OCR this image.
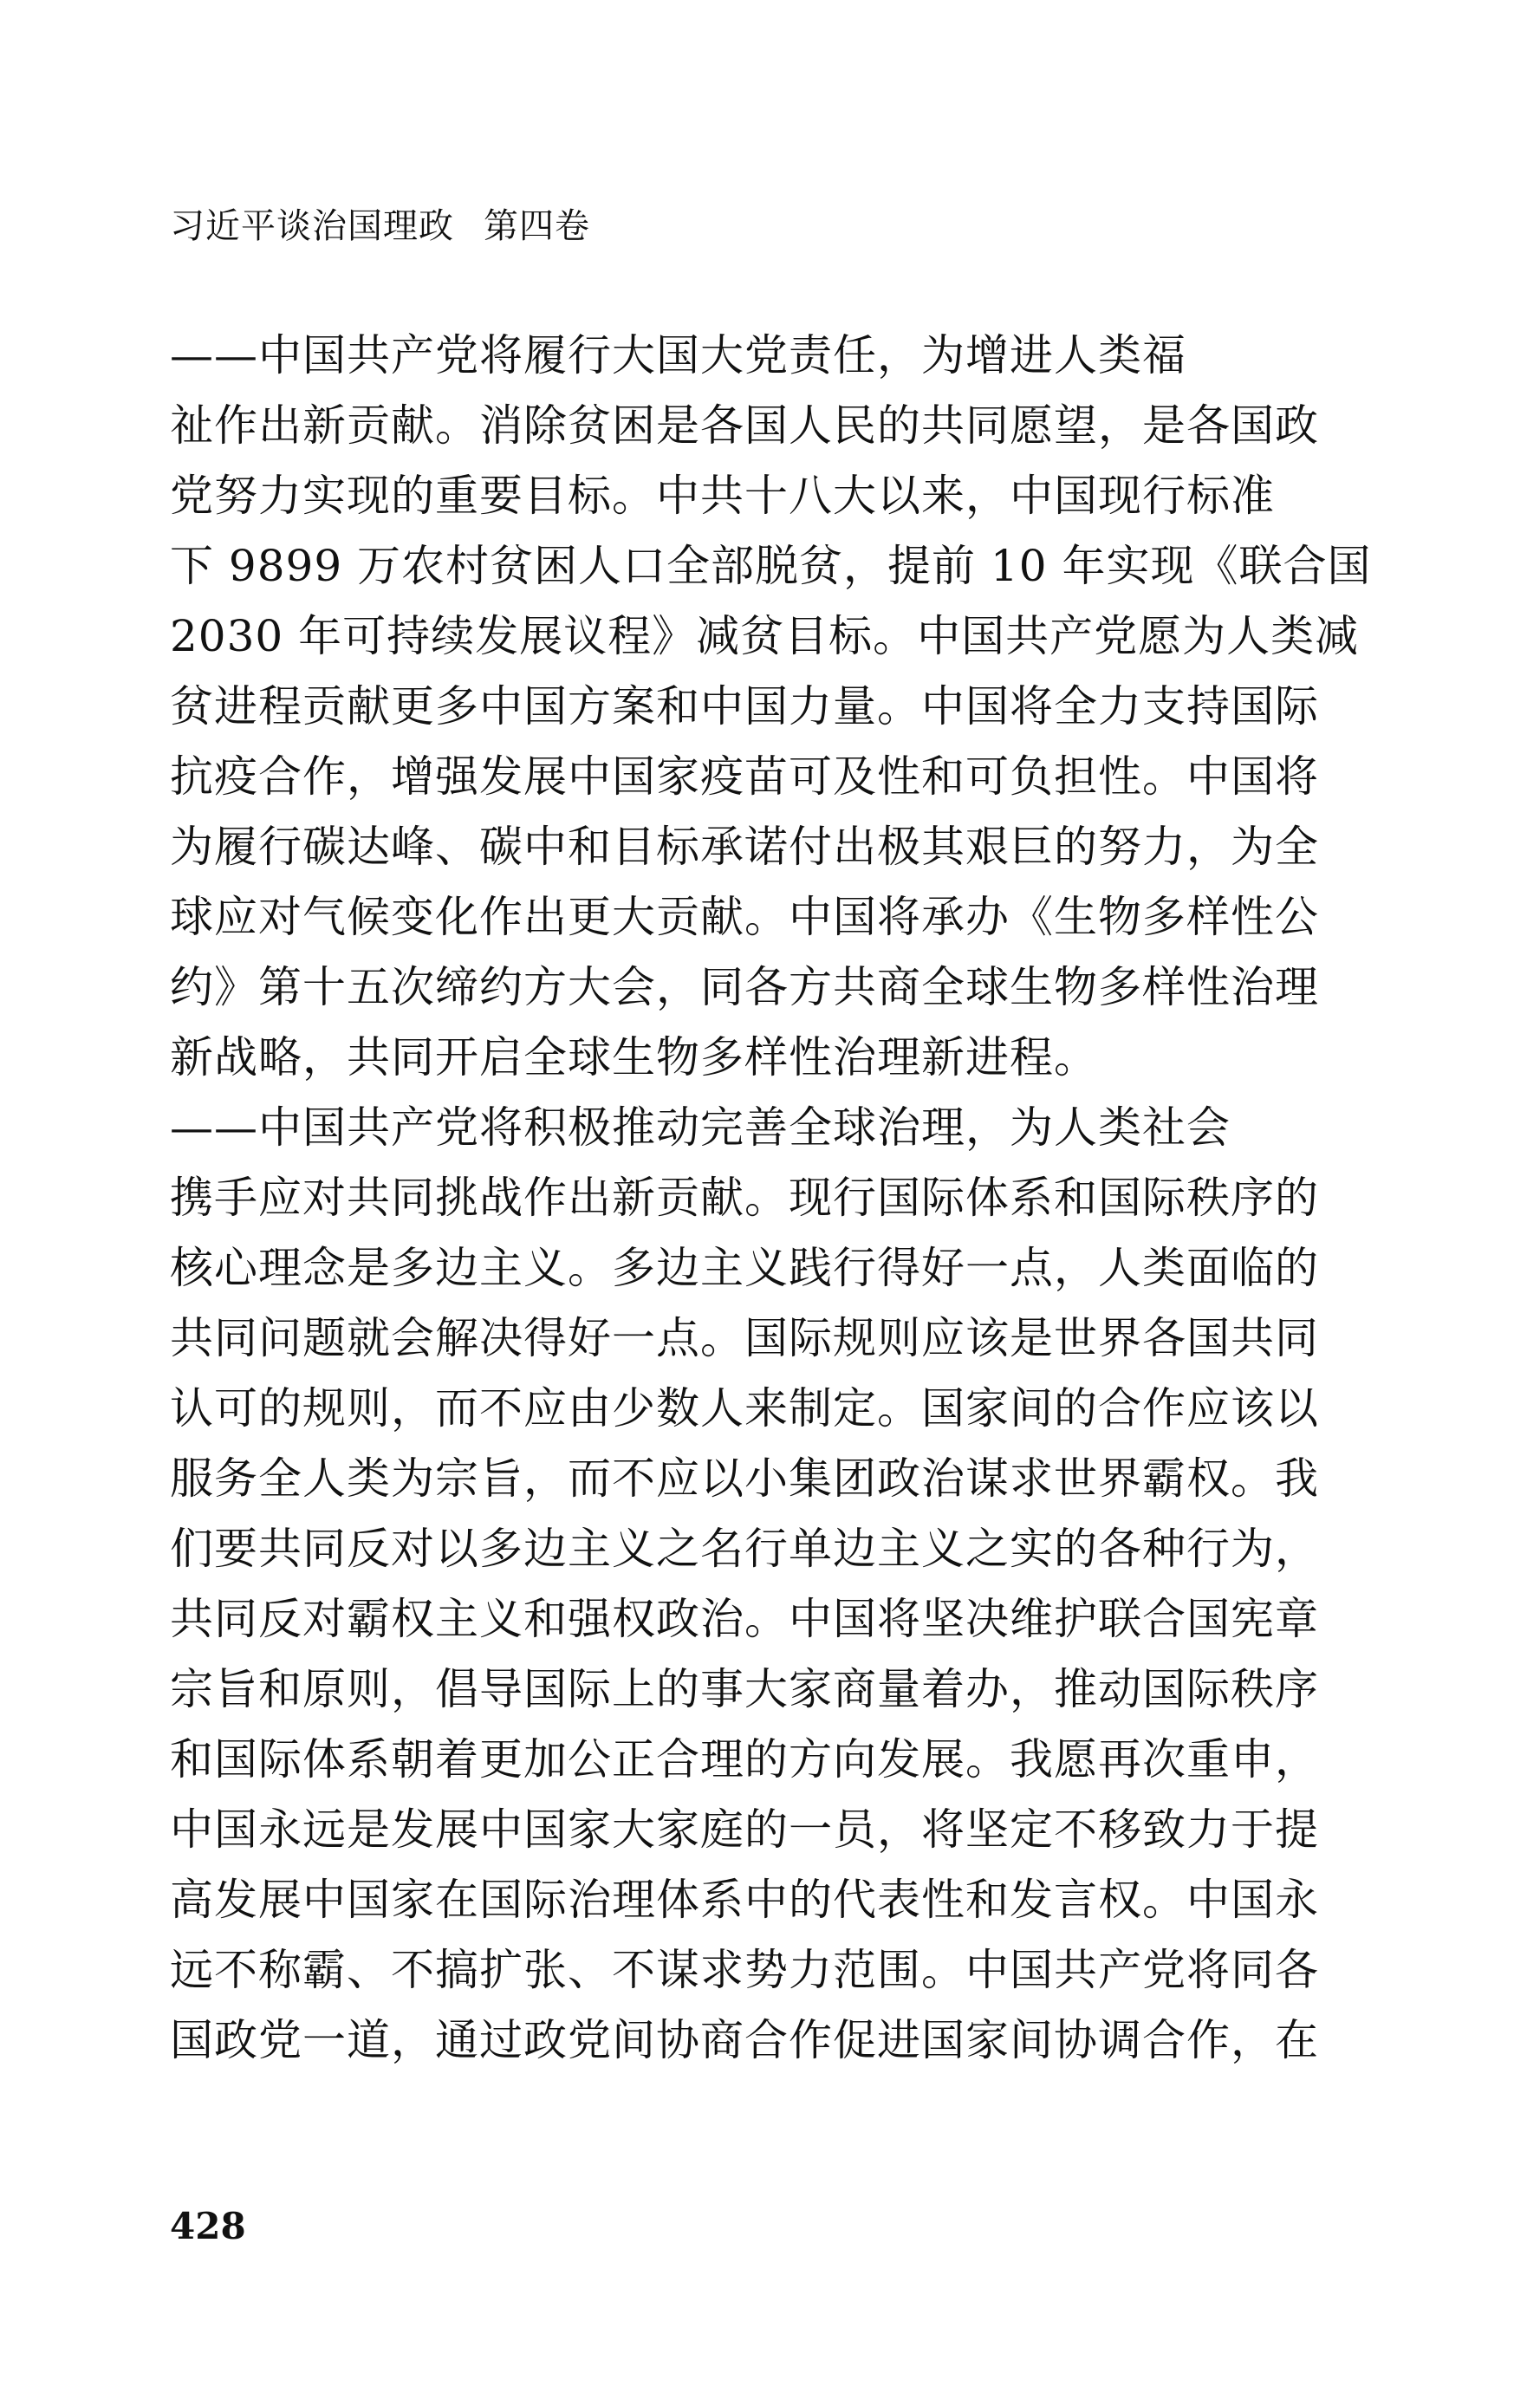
习近平谈治国理政 第四卷
——中国共产党将履行大国大党责任，为增进人类福
祉作出新贡献。消除贫困是各国人民的共同愿望，是各国政
党努力实现的重要目标。中共十八大以来，中国现行标准
下 9899 万农村贫困人口全部脱贫，提前 10 年实现《联合国
2030 年可持续发展议程》减贫目标。中国共产党愿为人类减
贫进程贡献更多中国方案和中国力量。中国将全力支持国际
抗疫合作，增强发展中国家疫苗可及性和可负担性。中国将
为履行碳达峰、碳中和目标承诺付出极其艰巨的努力，为全
球应对气候变化作出更大贡献。中国将承办《生物多样性公
约》第十五次缔约方大会，同各方共商全球生物多样性治理
新战略，共同开启全球生物多样性治理新进程。
——中国共产党将积极推动完善全球治理，为人类社会
携手应对共同挑战作出新贡献。现行国际体系和国际秩序的
核心理念是多边主义。多边主义践行得好一点，人类面临的
共同问题就会解决得好一点。国际规则应该是世界各国共同
认可的规则，而不应由少数人来制定。国家间的合作应该以
服务全人类为宗旨，而不应以小集团政治谋求世界霸权。我
们要共同反对以多边主义之名行单边主义之实的各种行为，
共同反对霸权主义和强权政治。中国将坚决维护联合国宪章
宗旨和原则，倡导国际上的事大家商量着办，推动国际秩序
和国际体系朝着更加公正合理的方向发展。我愿再次重申，
中国永远是发展中国家大家庭的一员，将坚定不移致力于提
高发展中国家在国际治理体系中的代表性和发言权。中国永
远不称霸、不搞扩张、不谋求势力范围。中国共产党将同各
国政党一道，通过政党间协商合作促进国家间协调合作，在
428
